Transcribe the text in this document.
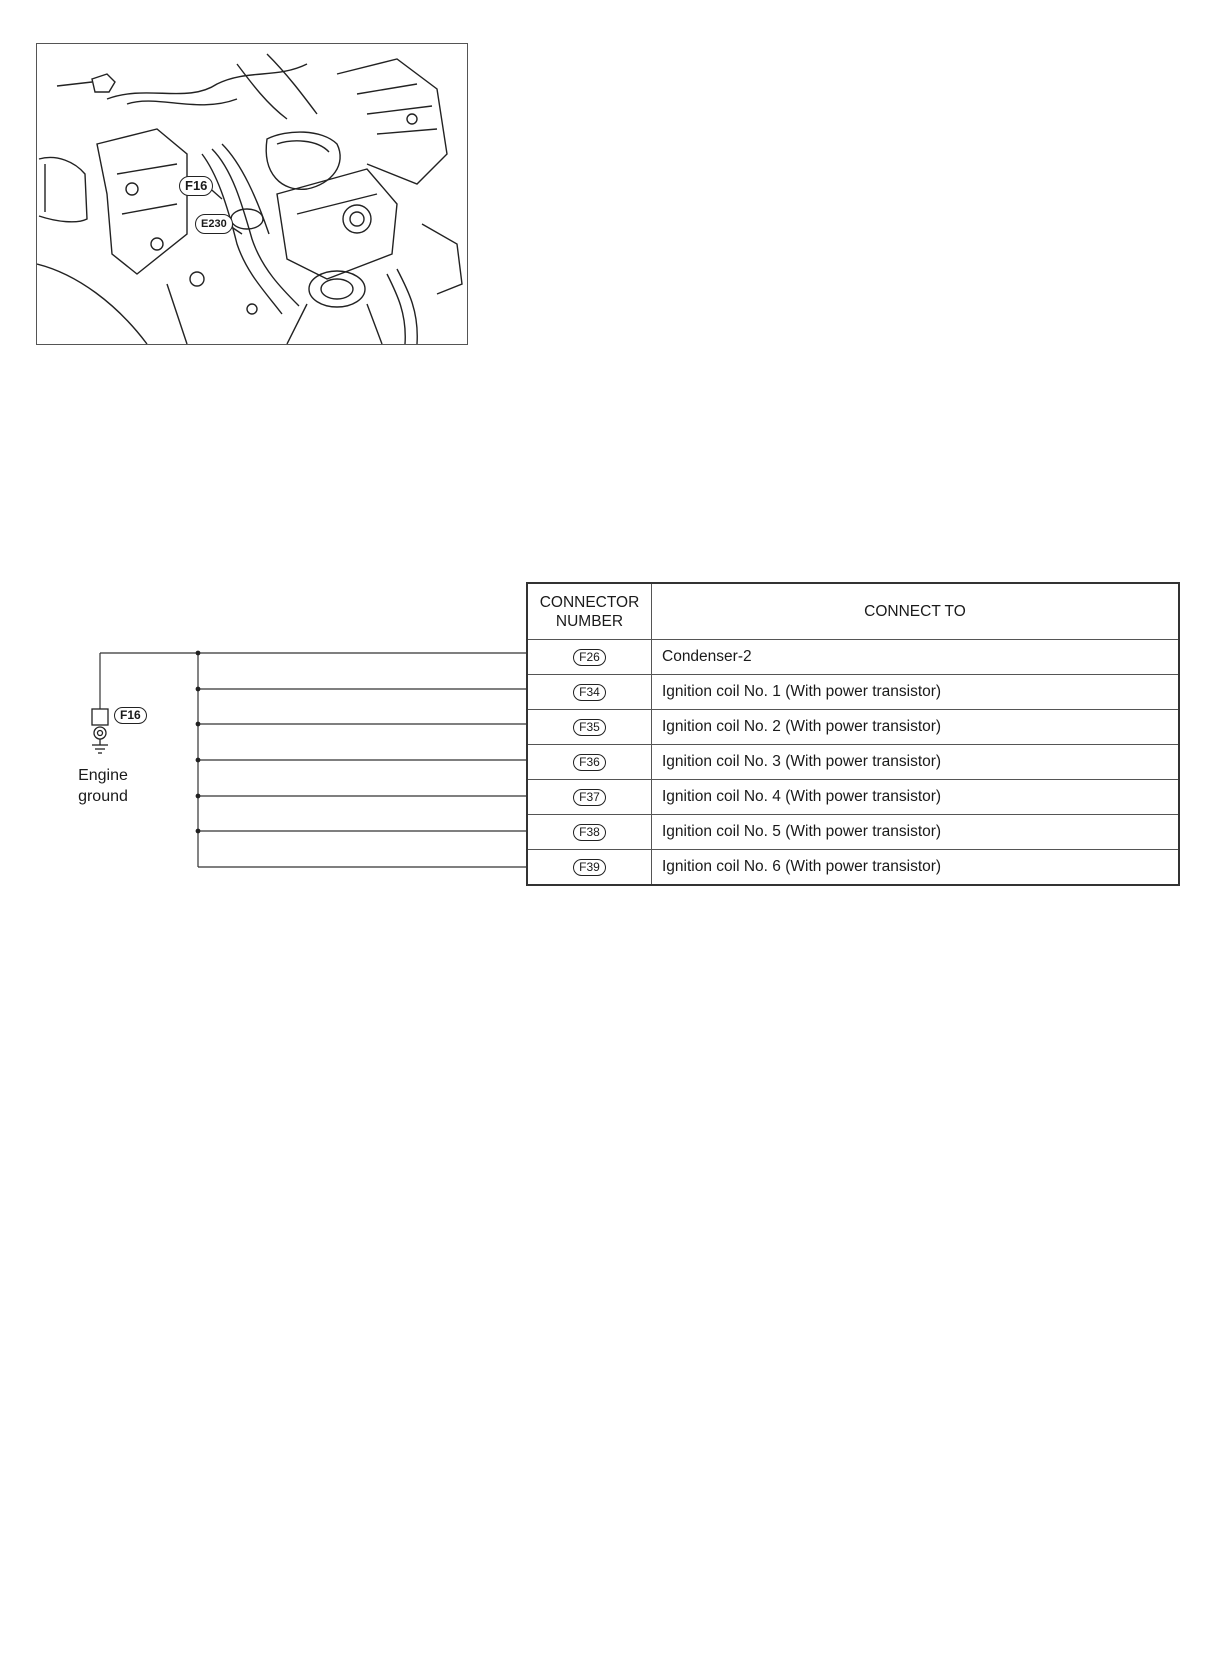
F16
E230
F16
Engine
ground
CONNECTOR
NUMBER	CONNECT TO
F26	Condenser-2
F34	Ignition coil No. 1 (With power transistor)
F35	Ignition coil No. 2 (With power transistor)
F36	Ignition coil No. 3 (With power transistor)
F37	Ignition coil No. 4 (With power transistor)
F38	Ignition coil No. 5 (With power transistor)
F39	Ignition coil No. 6 (With power transistor)
